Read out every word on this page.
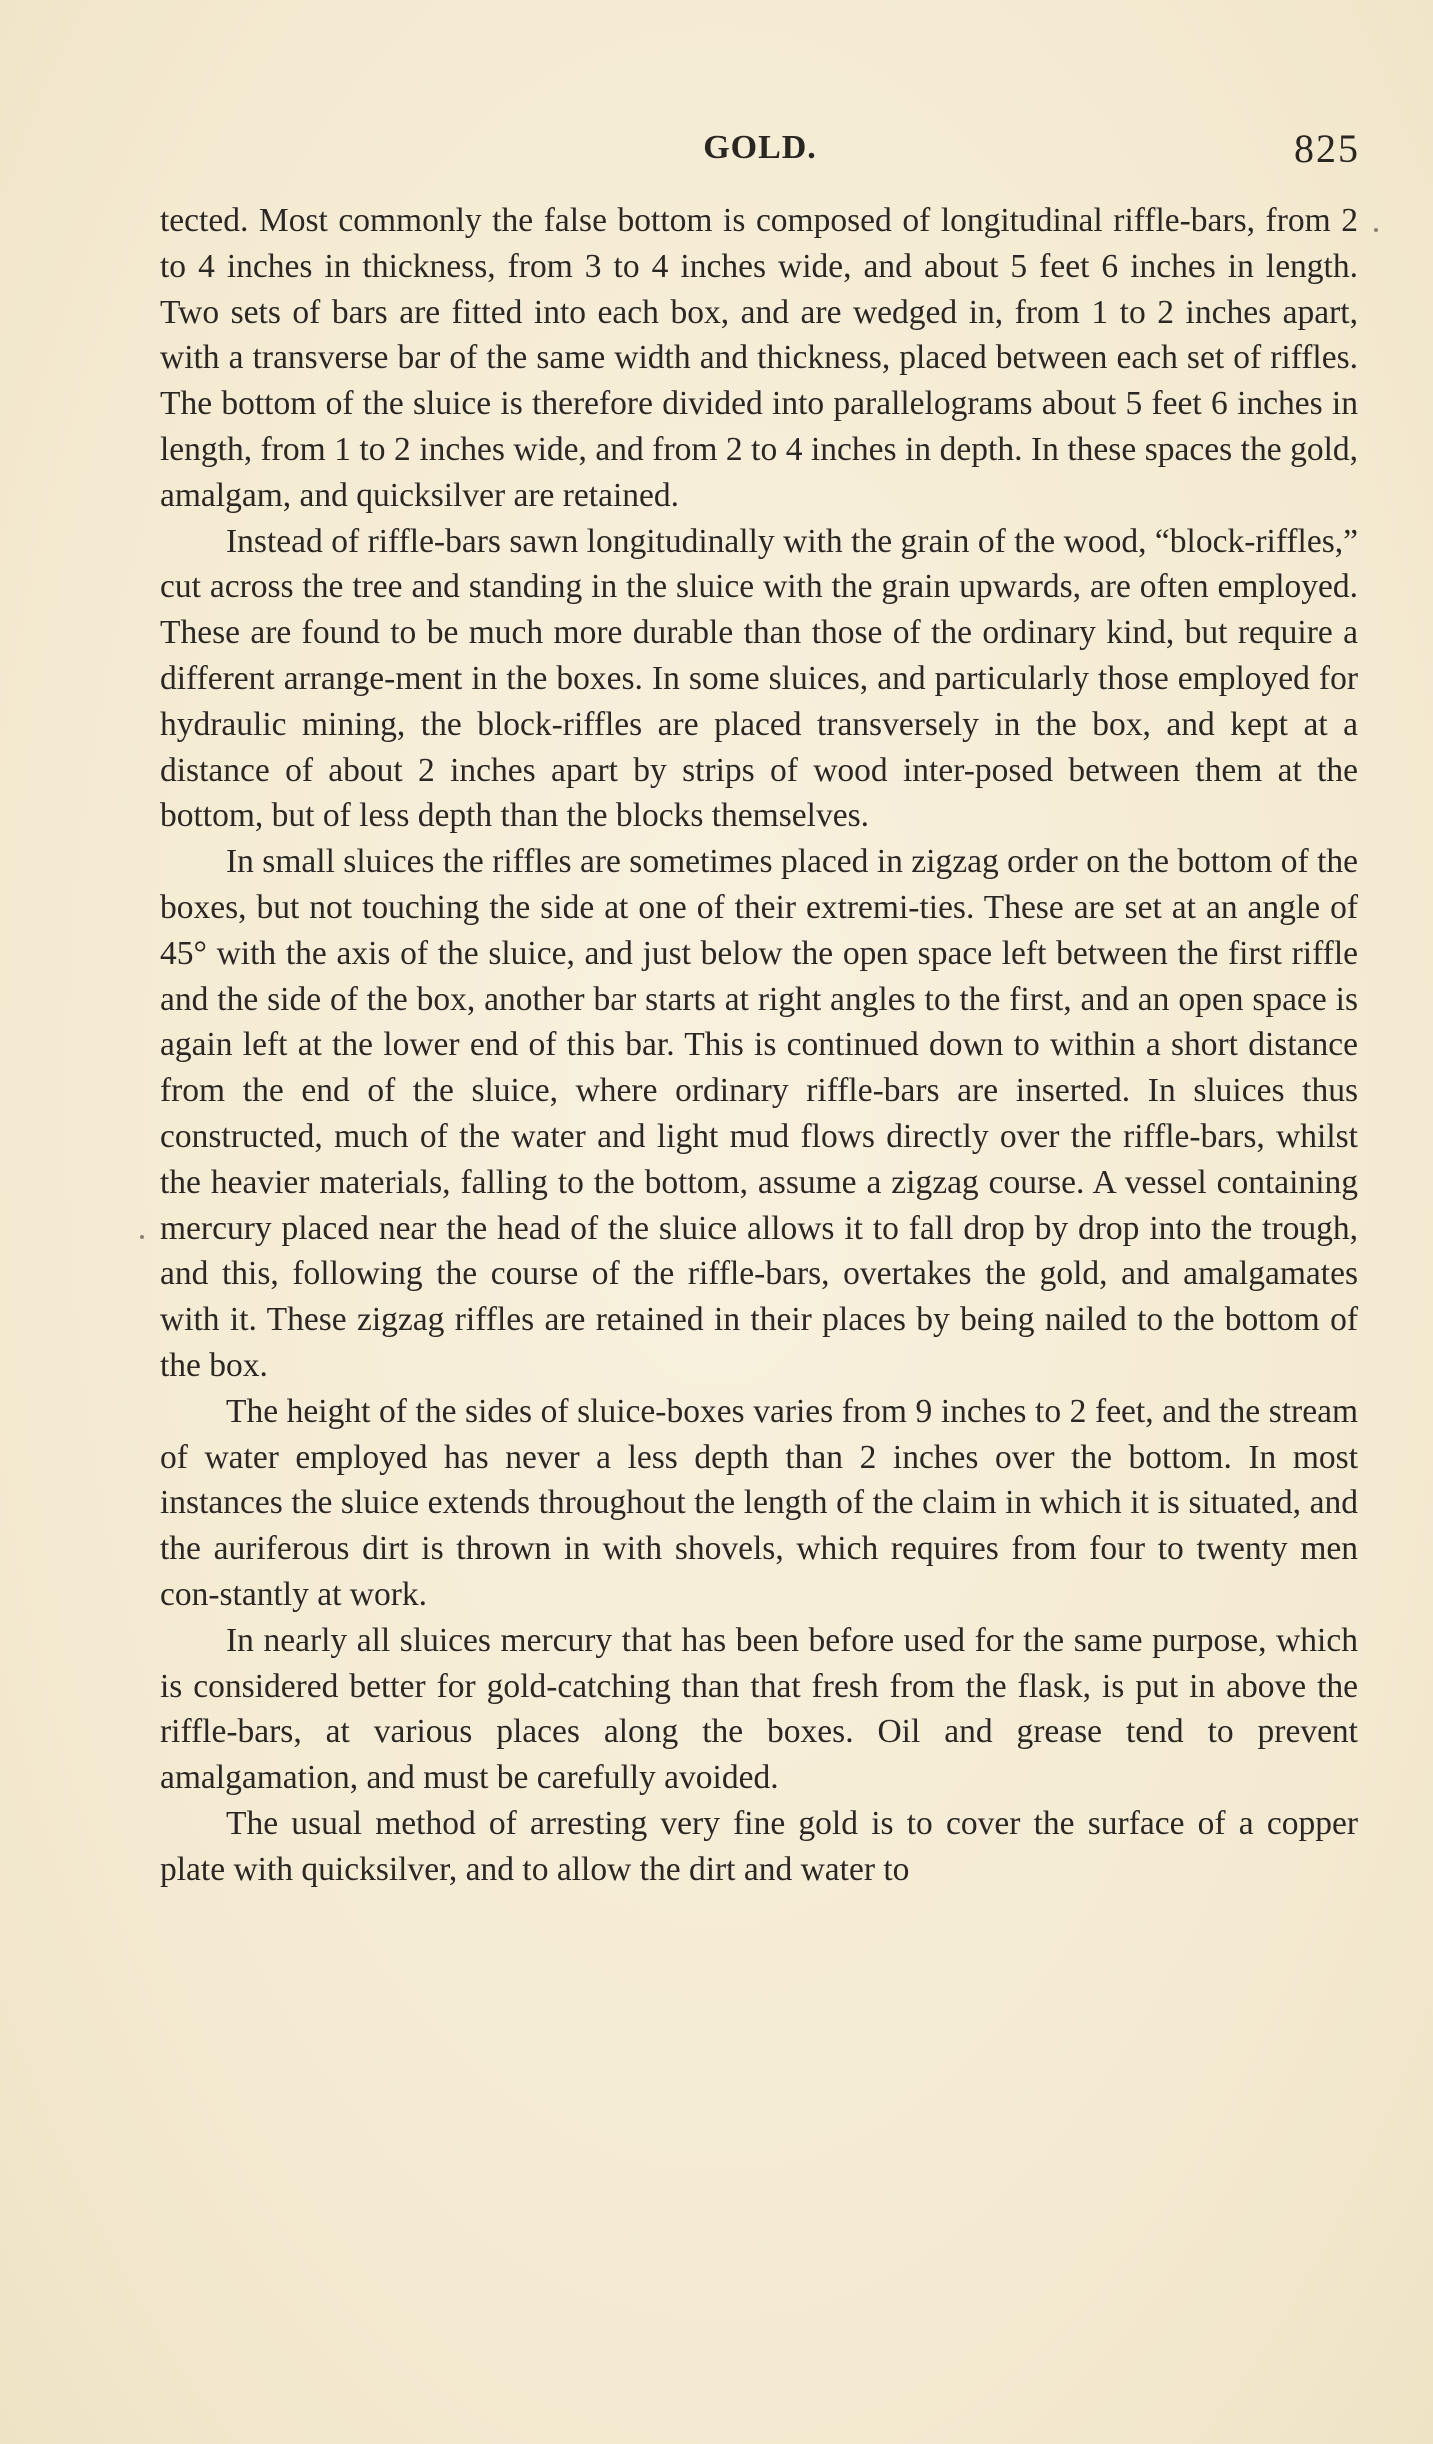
GOLD.	825

tected. Most commonly the false bottom is composed of longitudinal riffle-bars, from 2 to 4 inches in thickness, from 3 to 4 inches wide, and about 5 feet 6 inches in length. Two sets of bars are fitted into each box, and are wedged in, from 1 to 2 inches apart, with a transverse bar of the same width and thickness, placed between each set of riffles. The bottom of the sluice is therefore divided into parallelograms about 5 feet 6 inches in length, from 1 to 2 inches wide, and from 2 to 4 inches in depth. In these spaces the gold, amalgam, and quicksilver are retained.

Instead of riffle-bars sawn longitudinally with the grain of the wood, “block-riffles,” cut across the tree and standing in the sluice with the grain upwards, are often employed. These are found to be much more durable than those of the ordinary kind, but require a different arrange-ment in the boxes. In some sluices, and particularly those employed for hydraulic mining, the block-riffles are placed transversely in the box, and kept at a distance of about 2 inches apart by strips of wood inter-posed between them at the bottom, but of less depth than the blocks themselves.

In small sluices the riffles are sometimes placed in zigzag order on the bottom of the boxes, but not touching the side at one of their extremi-ties. These are set at an angle of 45° with the axis of the sluice, and just below the open space left between the first riffle and the side of the box, another bar starts at right angles to the first, and an open space is again left at the lower end of this bar. This is continued down to within a short distance from the end of the sluice, where ordinary riffle-bars are inserted. In sluices thus constructed, much of the water and light mud flows directly over the riffle-bars, whilst the heavier materials, falling to the bottom, assume a zigzag course. A vessel containing mercury placed near the head of the sluice allows it to fall drop by drop into the trough, and this, following the course of the riffle-bars, overtakes the gold, and amalgamates with it. These zigzag riffles are retained in their places by being nailed to the bottom of the box.

The height of the sides of sluice-boxes varies from 9 inches to 2 feet, and the stream of water employed has never a less depth than 2 inches over the bottom. In most instances the sluice extends throughout the length of the claim in which it is situated, and the auriferous dirt is thrown in with shovels, which requires from four to twenty men con-stantly at work.

In nearly all sluices mercury that has been before used for the same purpose, which is considered better for gold-catching than that fresh from the flask, is put in above the riffle-bars, at various places along the boxes. Oil and grease tend to prevent amalgamation, and must be carefully avoided.

The usual method of arresting very fine gold is to cover the surface of a copper plate with quicksilver, and to allow the dirt and water to
